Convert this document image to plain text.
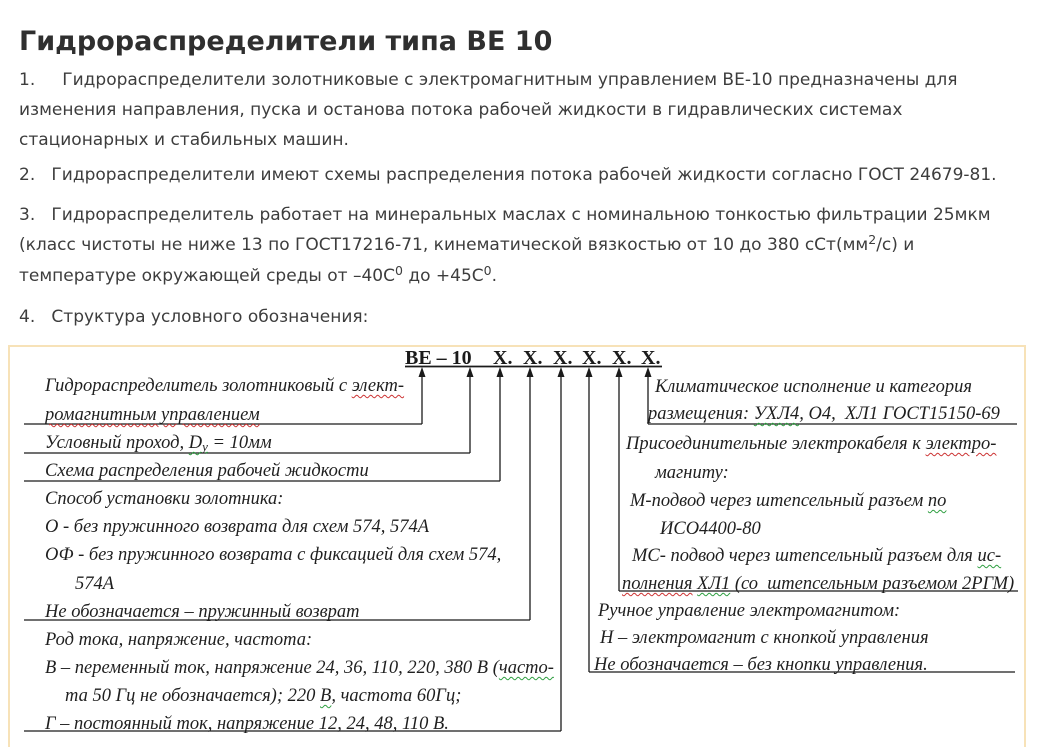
Гидрораспределители типа ВЕ 10
1.     Гидрораспределители золотниковые с электромагнитным управлением ВЕ-10 предназначены для
изменения направления, пуска и останова потока рабочей жидкости в гидравлических системах
стационарных и стабильных машин.
2.   Гидрораспределители имеют схемы распределения потока рабочей жидкости согласно ГОСТ 24679-81.
3.   Гидрораспределитель работает на минеральных маслах с номинальною тонкостью фильтрации 25мкм
(класс чистоты не ниже 13 по ГОСТ17216-71, кинематической вязкостью от 10 до 380 $сСт(мм^2/с)$ и
температуре окружающей среды от $-40С^0$ до $+45С^0$.
4.   Структура условного обозначения:
ВЕ – 10 Х. Х. Х. Х. Х. Х.
Гидрораспределитель золотниковый с элект-
ромагнитным управлением
Условный проход, Dу = 10мм
Схема распределения рабочей жидкости
Способ установки золотника:
О - без пружинного возврата для схем 574, 574А
ОФ - без пружинного возврата с фиксацией для схем 574,
574А
Не обозначается – пружинный возврат
Род тока, напряжение, частота:
В – переменный ток, напряжение 24, 36, 110, 220, 380 В (часто-
та 50 Гц не обозначается); 220 В, частота 60Гц;
Г – постоянный ток, напряжение 12, 24, 48, 110 В.
Климатическое исполнение и категория
размещения: УХЛ4, О4,  ХЛ1 ГОСТ15150-69
Присоединительные электрокабеля к электро-
магниту:
М-подвод через штепсельный разъем по
ИСО4400-80
МС- подвод через штепсельный разъем для ис-
полнения ХЛ1 (со  штепсельным разъемом 2РГМ)
Ручное управление электромагнитом:
Н – электромагнит с кнопкой управления
Не обозначается – без кнопки управления.
